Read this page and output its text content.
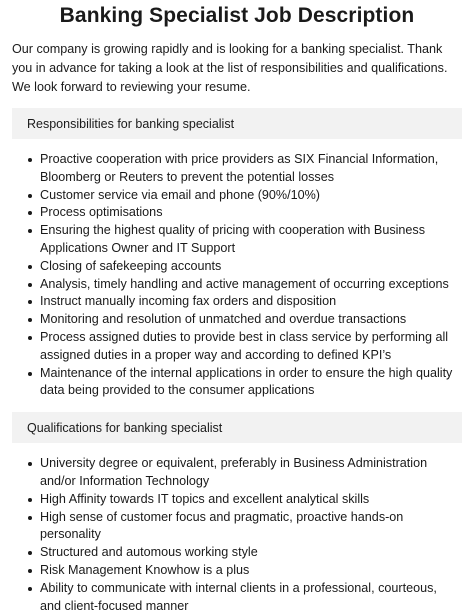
Banking Specialist Job Description

Our company is growing rapidly and is looking for a banking specialist. Thank you in advance for taking a look at the list of responsibilities and qualifications. We look forward to reviewing your resume.

Responsibilities for banking specialist
Proactive cooperation with price providers as SIX Financial Information, Bloomberg or Reuters to prevent the potential losses
Customer service via email and phone (90%/10%)
Process optimisations
Ensuring the highest quality of pricing with cooperation with Business Applications Owner and IT Support
Closing of safekeeping accounts
Analysis, timely handling and active management of occurring exceptions
Instruct manually incoming fax orders and disposition
Monitoring and resolution of unmatched and overdue transactions
Process assigned duties to provide best in class service by performing all assigned duties in a proper way and according to defined KPI’s
Maintenance of the internal applications in order to ensure the high quality data being provided to the consumer applications
Qualifications for banking specialist
University degree or equivalent, preferably in Business Administration and/or Information Technology
High Affinity towards IT topics and excellent analytical skills
High sense of customer focus and pragmatic, proactive hands-on personality
Structured and automous working style
Risk Management Knowhow is a plus
Ability to communicate with internal clients in a professional, courteous, and client-focused manner
